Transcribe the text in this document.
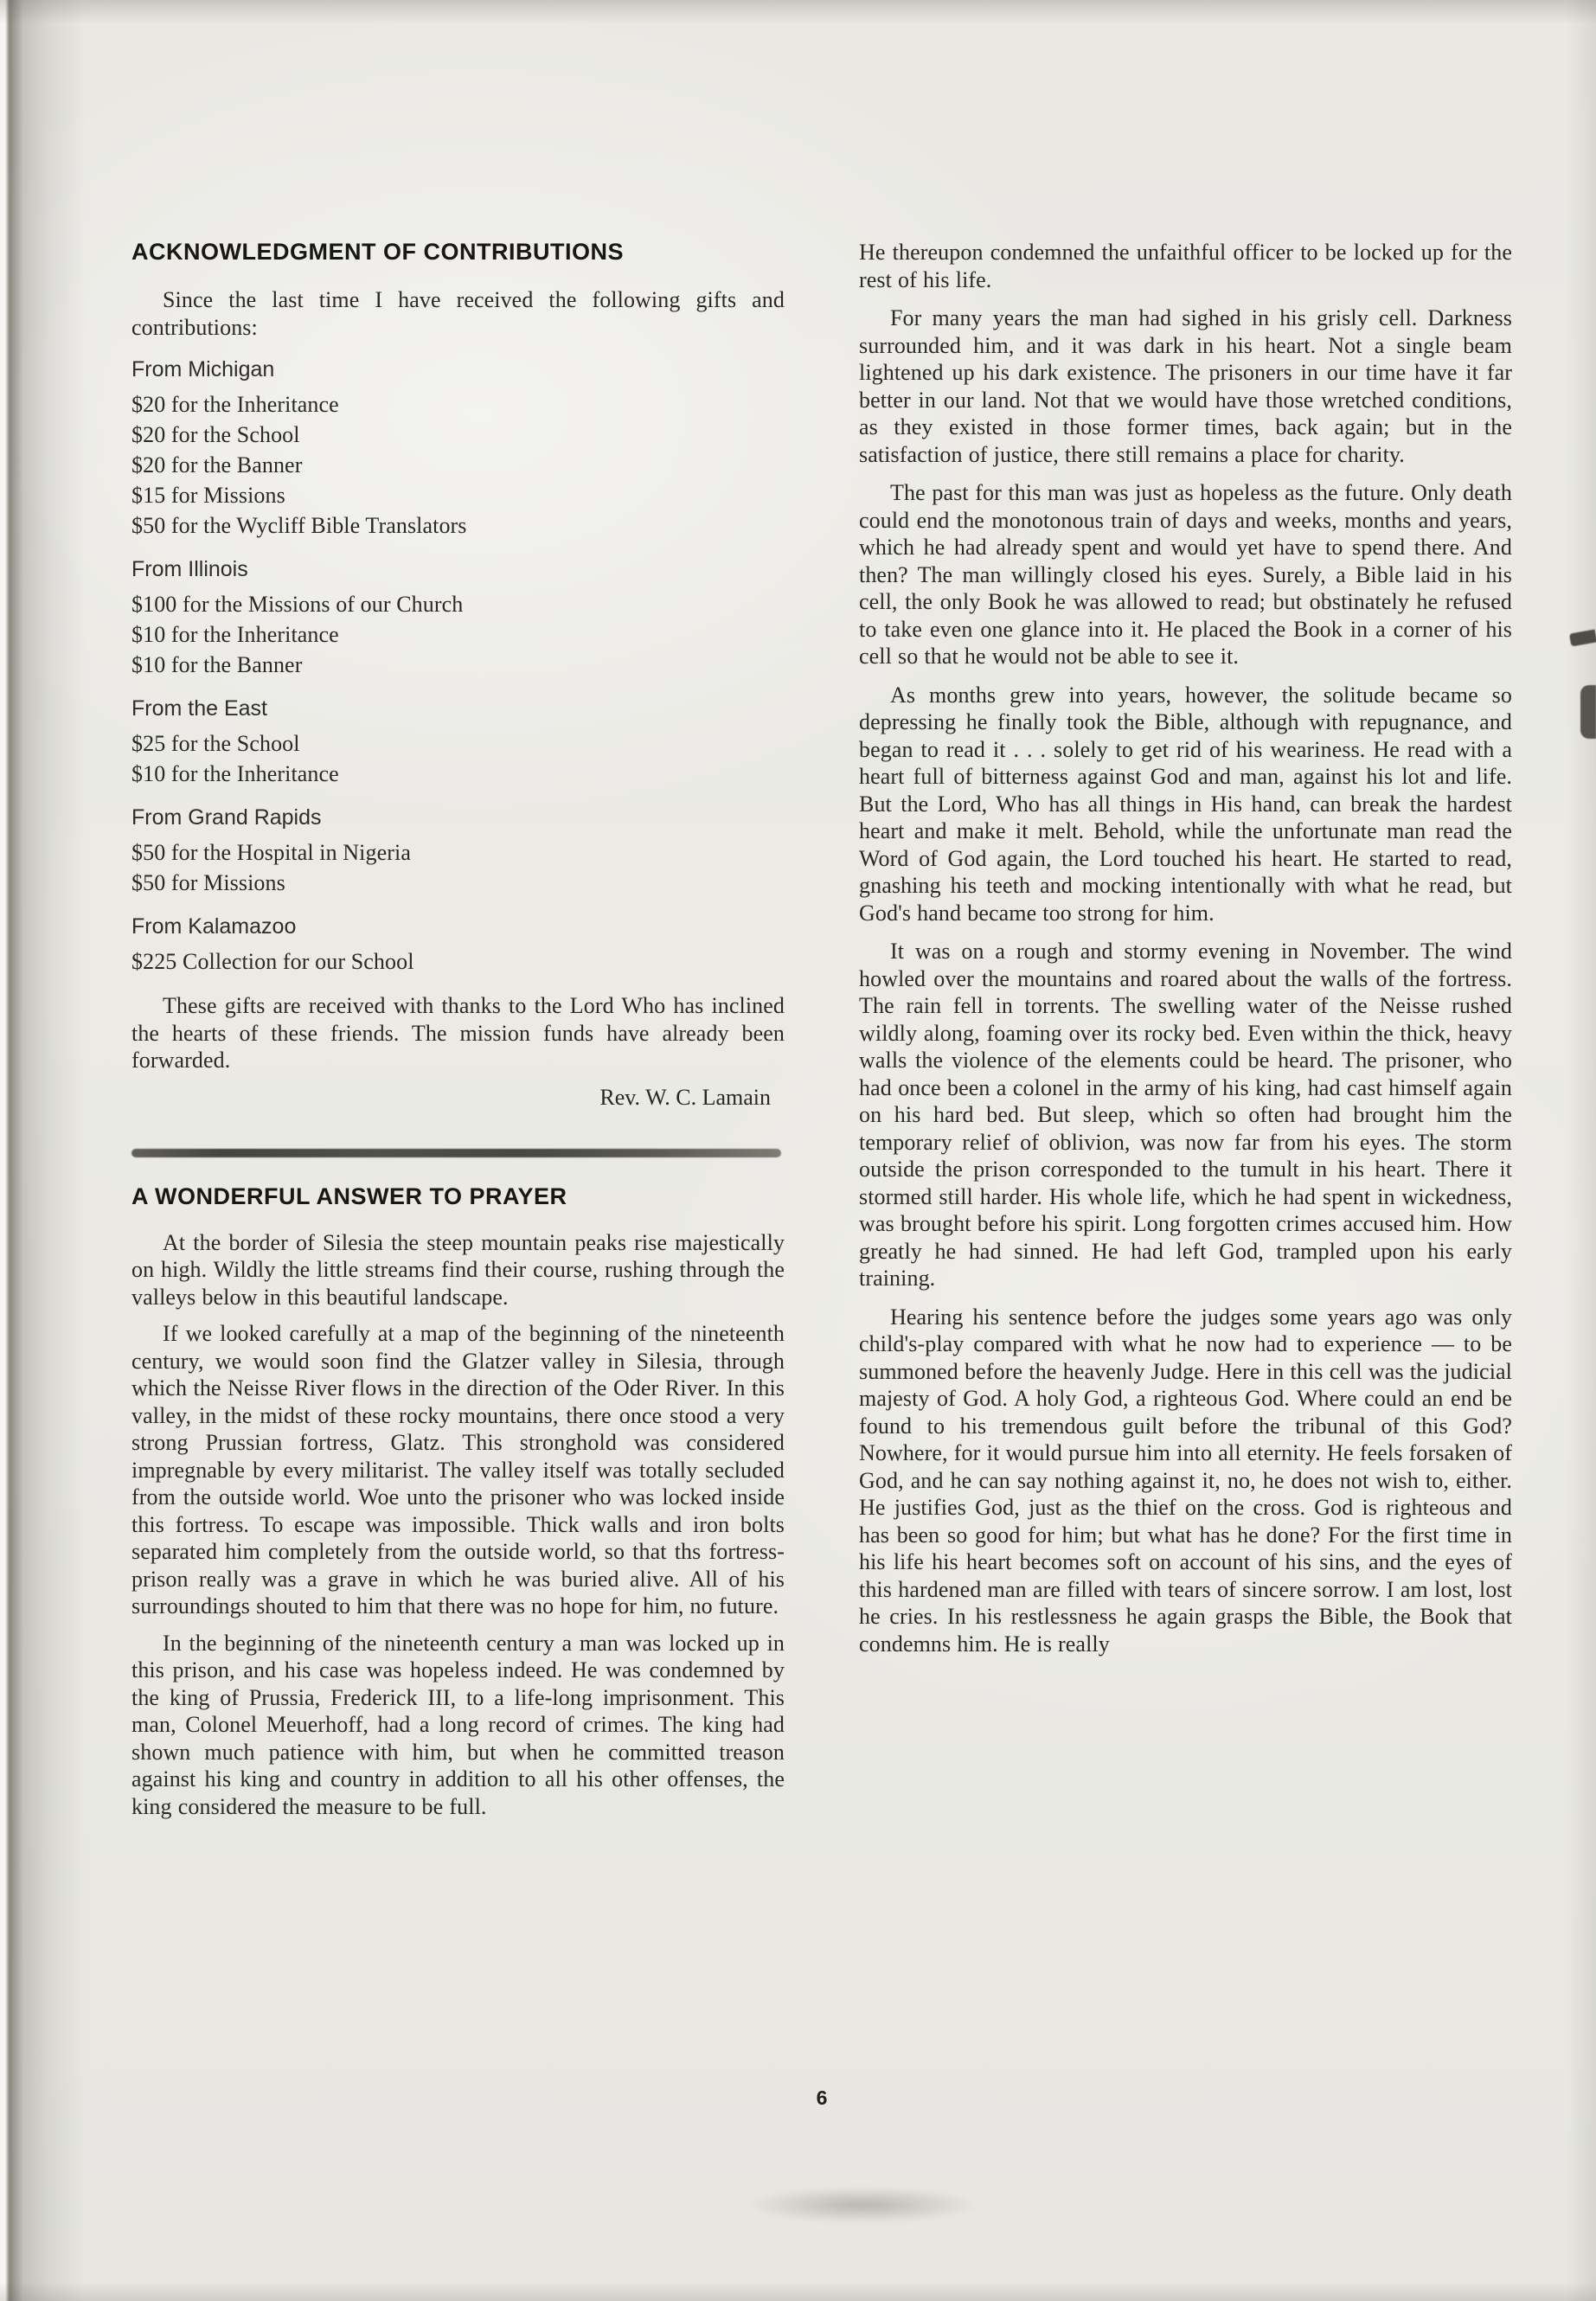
ACKNOWLEDGMENT OF CONTRIBUTIONS

Since the last time I have received the following gifts and contributions:

From Michigan
$20 for the Inheritance
$20 for the School
$20 for the Banner
$15 for Missions
$50 for the Wycliff Bible Translators
From Illinois
$100 for the Missions of our Church
$10 for the Inheritance
$10 for the Banner
From the East
$25 for the School
$10 for the Inheritance
From Grand Rapids
$50 for the Hospital in Nigeria
$50 for Missions
From Kalamazoo
$225 Collection for our School

These gifts are received with thanks to the Lord Who has inclined the hearts of these friends. The mission funds have already been forwarded.

Rev. W. C. Lamain
A WONDERFUL ANSWER TO PRAYER

At the border of Silesia the steep mountain peaks rise majestically on high. Wildly the little streams find their course, rushing through the valleys below in this beautiful landscape.

If we looked carefully at a map of the beginning of the nineteenth century, we would soon find the Glatzer valley in Silesia, through which the Neisse River flows in the direction of the Oder River. In this valley, in the midst of these rocky mountains, there once stood a very strong Prussian fortress, Glatz. This stronghold was considered impregnable by every militarist. The valley itself was totally secluded from the outside world. Woe unto the prisoner who was locked inside this fortress. To escape was impossible. Thick walls and iron bolts separated him completely from the outside world, so that ths fortress-prison really was a grave in which he was buried alive. All of his surroundings shouted to him that there was no hope for him, no future.

In the beginning of the nineteenth century a man was locked up in this prison, and his case was hopeless indeed. He was condemned by the king of Prussia, Frederick III, to a life-long imprisonment. This man, Colonel Meuerhoff, had a long record of crimes. The king had shown much patience with him, but when he committed treason against his king and country in addition to all his other offenses, the king considered the measure to be full.

He thereupon condemned the unfaithful officer to be locked up for the rest of his life.

For many years the man had sighed in his grisly cell. Darkness surrounded him, and it was dark in his heart. Not a single beam lightened up his dark existence. The prisoners in our time have it far better in our land. Not that we would have those wretched conditions, as they existed in those former times, back again; but in the satisfaction of justice, there still remains a place for charity.

The past for this man was just as hopeless as the future. Only death could end the monotonous train of days and weeks, months and years, which he had already spent and would yet have to spend there. And then? The man willingly closed his eyes. Surely, a Bible laid in his cell, the only Book he was allowed to read; but obstinately he refused to take even one glance into it. He placed the Book in a corner of his cell so that he would not be able to see it.

As months grew into years, however, the solitude became so depressing he finally took the Bible, although with repugnance, and began to read it . . . solely to get rid of his weariness. He read with a heart full of bitterness against God and man, against his lot and life. But the Lord, Who has all things in His hand, can break the hardest heart and make it melt. Behold, while the unfortunate man read the Word of God again, the Lord touched his heart. He started to read, gnashing his teeth and mocking intentionally with what he read, but God's hand became too strong for him.

It was on a rough and stormy evening in November. The wind howled over the mountains and roared about the walls of the fortress. The rain fell in torrents. The swelling water of the Neisse rushed wildly along, foaming over its rocky bed. Even within the thick, heavy walls the violence of the elements could be heard. The prisoner, who had once been a colonel in the army of his king, had cast himself again on his hard bed. But sleep, which so often had brought him the temporary relief of oblivion, was now far from his eyes. The storm outside the prison corresponded to the tumult in his heart. There it stormed still harder. His whole life, which he had spent in wickedness, was brought before his spirit. Long forgotten crimes accused him. How greatly he had sinned. He had left God, trampled upon his early training.

Hearing his sentence before the judges some years ago was only child's-play compared with what he now had to experience — to be summoned before the heavenly Judge. Here in this cell was the judicial majesty of God. A holy God, a righteous God. Where could an end be found to his tremendous guilt before the tribunal of this God? Nowhere, for it would pursue him into all eternity. He feels forsaken of God, and he can say nothing against it, no, he does not wish to, either. He justifies God, just as the thief on the cross. God is righteous and has been so good for him; but what has he done? For the first time in his life his heart becomes soft on account of his sins, and the eyes of this hardened man are filled with tears of sincere sorrow. I am lost, lost he cries. In his restlessness he again grasps the Bible, the Book that condemns him. He is really

6
